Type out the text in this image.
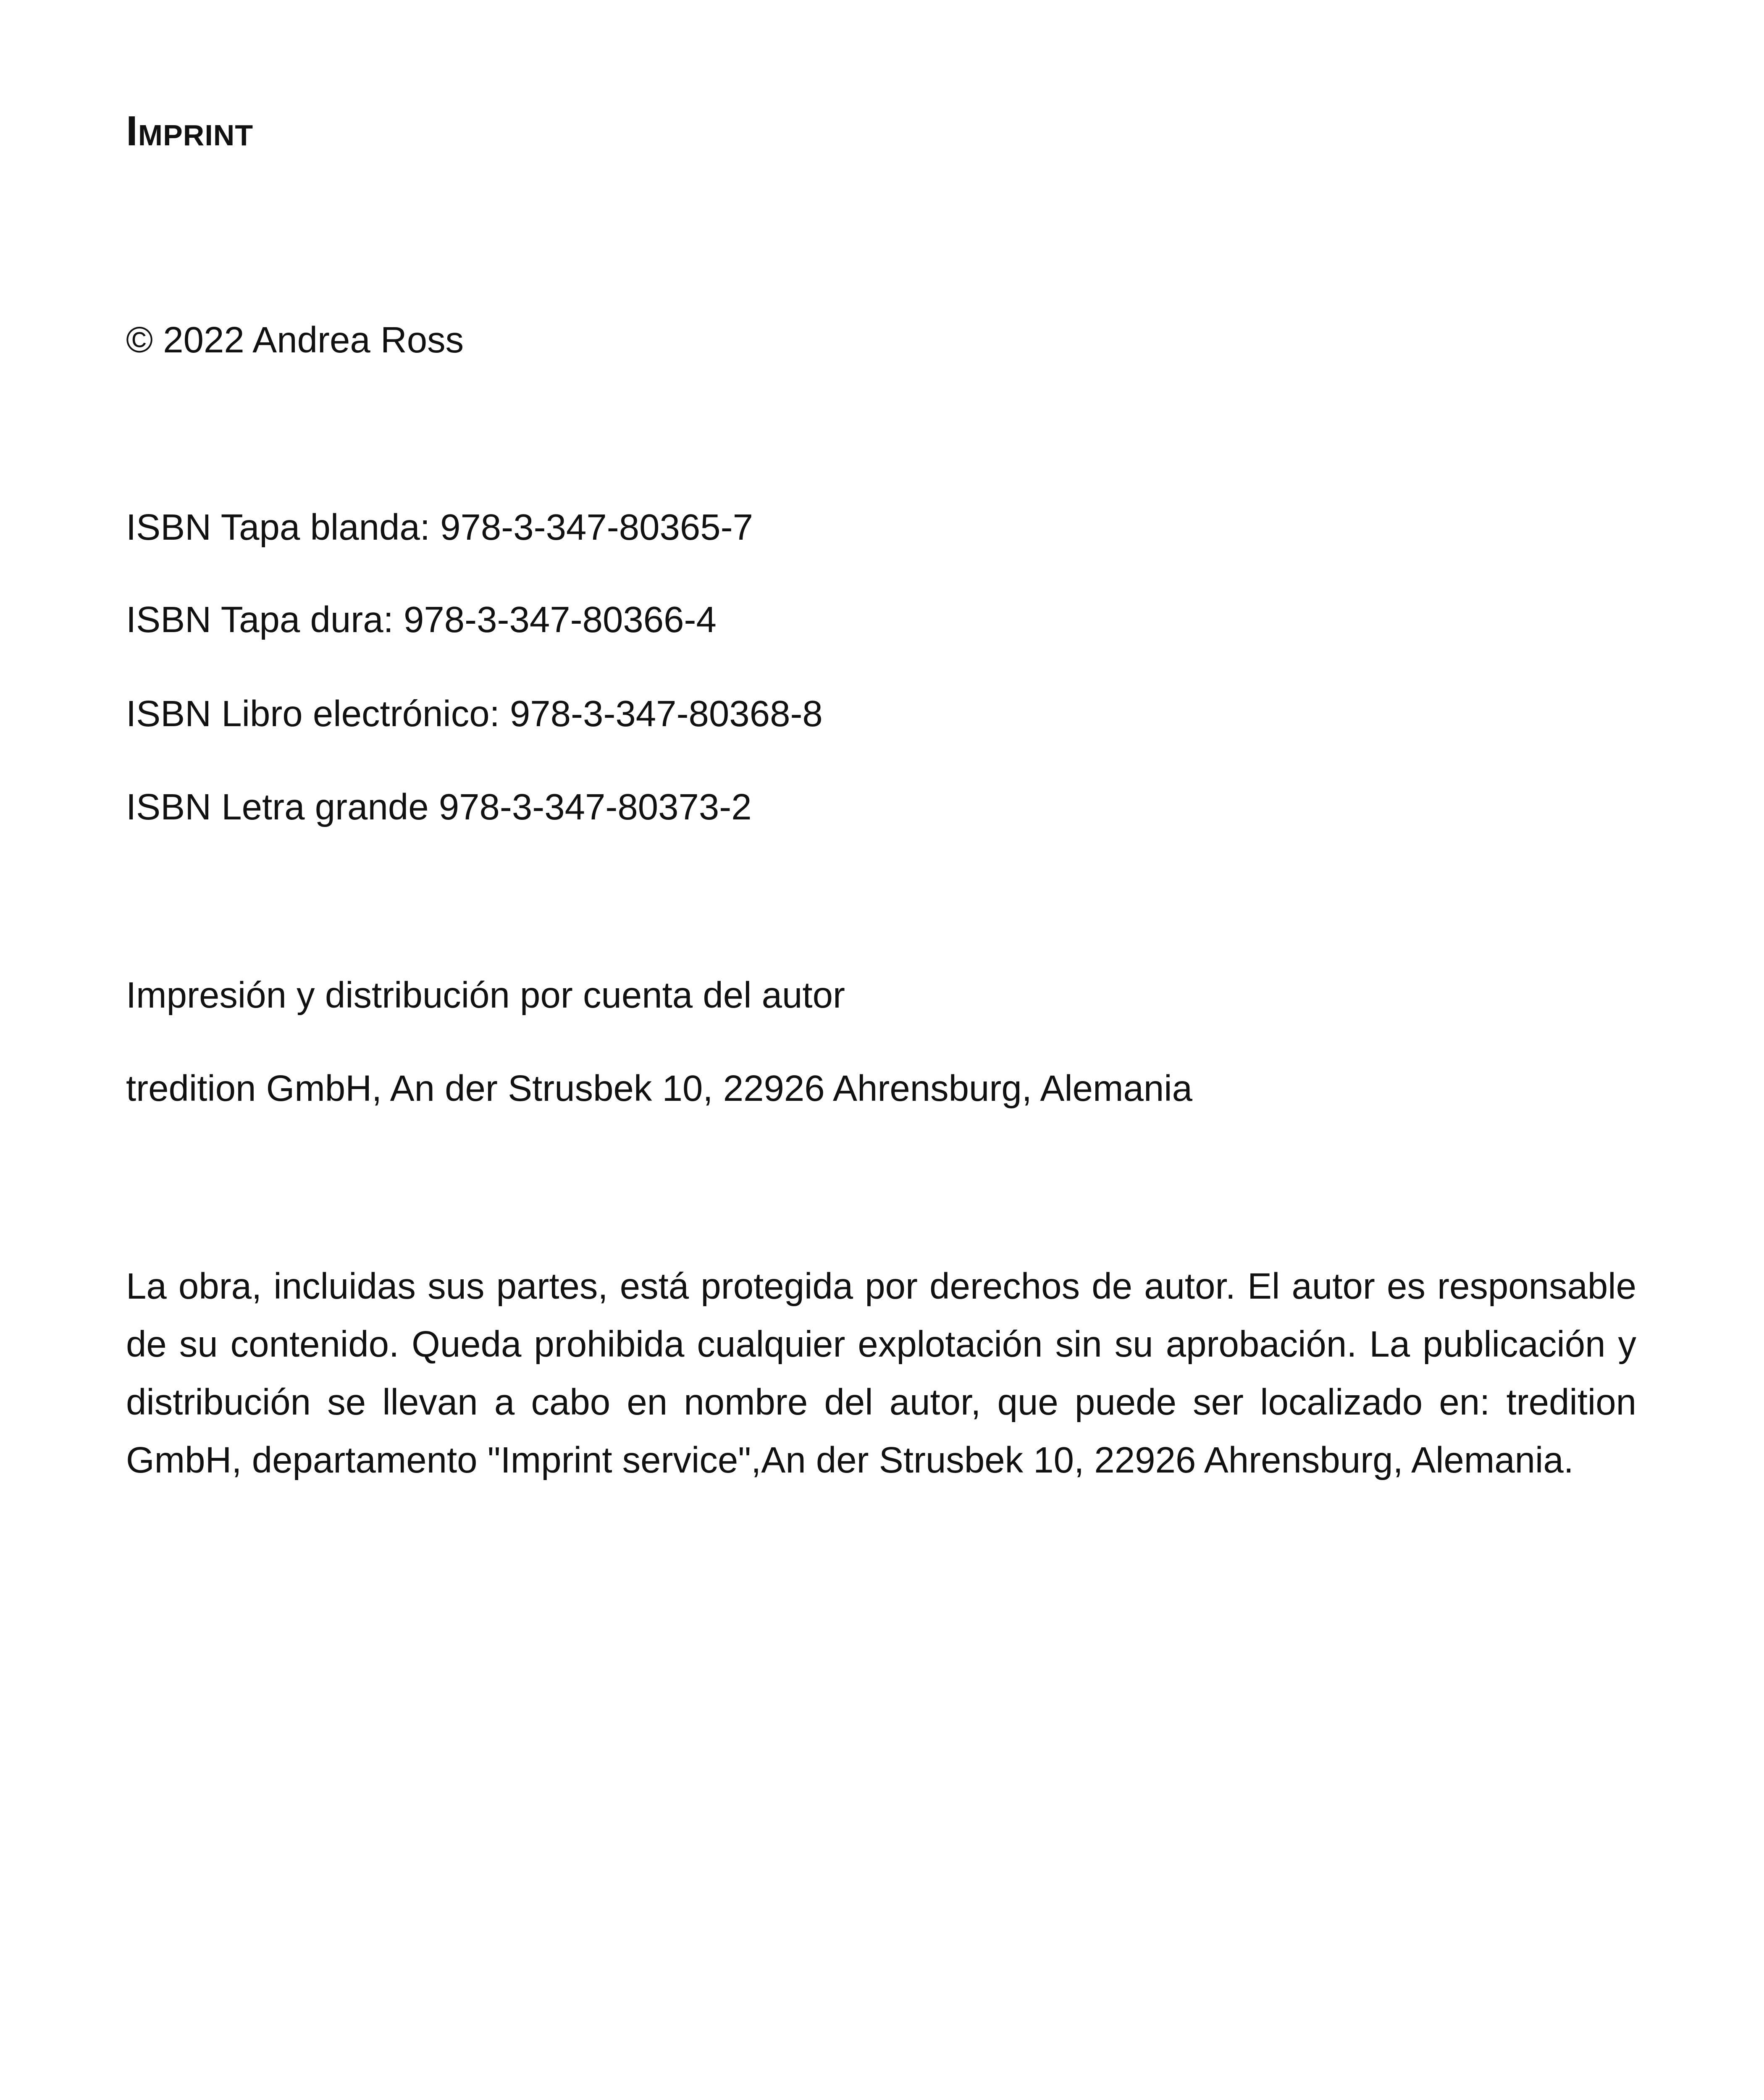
Imprint
© 2022 Andrea Ross
ISBN Tapa blanda: 978-3-347-80365-7
ISBN Tapa dura: 978-3-347-80366-4
ISBN Libro electrónico: 978-3-347-80368-8
ISBN Letra grande 978-3-347-80373-2
Impresión y distribución por cuenta del autor
tredition GmbH, An der Strusbek 10, 22926 Ahrensburg, Alemania
La obra, incluidas sus partes, está protegida por derechos de autor. El autor es responsable de su contenido. Queda prohibida cualquier explotación sin su aprobación. La publicación y distribución se llevan a cabo en nombre del autor, que puede ser localizado en: tredition GmbH, departamento "Imprint service",An der Strusbek 10, 22926 Ahrensburg, Alemania.
